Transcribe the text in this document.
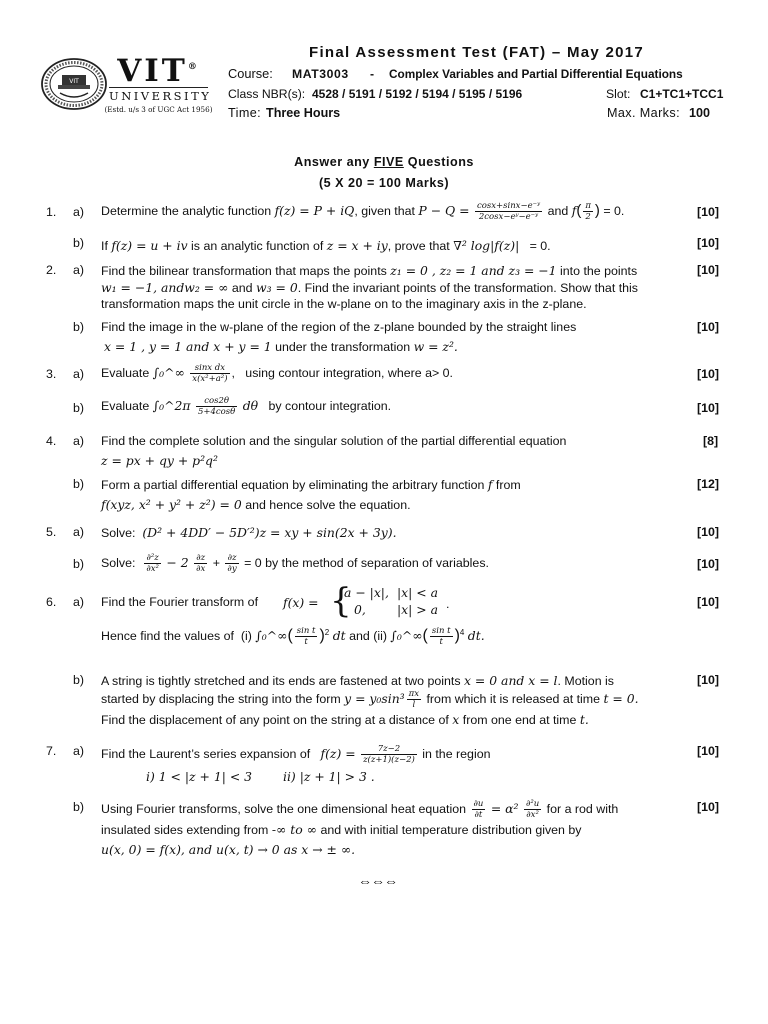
VIT	VIT®
UNIVERSITY
(Estd. u/s 3 of UGC Act 1956)
Final Assessment Test (FAT) – May 2017
Course: MAT3003 - Complex Variables and Partial Differential Equations
Class NBR(s): 4528 / 5191 / 5192 / 5194 / 5195 / 5196	Slot: C1+TC1+TCC1
Time: Three Hours	Max. Marks: 100
Answer any FIVE Questions
(5 X 20 = 100 Marks)
1. a) Determine the analytic function f(z) = P + iQ, given that $P - Q = \frac{\text{cosx+sinx−e⁻ʸ}}{\text{2cosx−eʸ−e⁻ʸ}}$ and $f( \frac{\pi}{2}$ ) = 0.	[10]
b) If f(z) = u + iv is an analytic function of z = x + iy, prove that ∇² log|f(z)| = 0.	[10]
2. a) Find the bilinear transformation that maps the points z₁ = 0 , z₂ = 1 and z₃ = −1 into the points
w₁ = −1, andw₂ = ∞ and w₃ = 0. Find the invariant points of the transformation. Show that this
transformation maps the unit circle in the w-plane on to the imaginary axis in the z-plane.
[10]
b) Find the image in the w-plane of the region of the z-plane bounded by the straight lines
x = 1 , y = 1 and x + y = 1 under the transformation w = z².
[10]
3. a) Evaluate ∫₀^∞ $\frac{\text{sinx dx}}{\text{x(x²+a²)}}$ , using contour integration, where a> 0.	[10]
b) Evaluate ∫₀^2π $\frac{\cos 2\theta}{5+4\cos\theta}$ dθ by contour integration.	[10]
4. a) Find the complete solution and the singular solution of the partial differential equation
z = px + qy + p²q²
[8]
b) Form a partial differential equation by eliminating the arbitrary function f from
f(xyz, x² + y² + z²) = 0 and hence solve the equation.
[12]
5. a) Solve: (D² + 4DD′ − 5D′²)z = xy + sin(2x + 3y).	[10]
b) Solve: $\frac{\text{∂²z}}{\text{∂x²}} - 2 \frac{\partial z}{\partial x} + \frac{\partial z}{\partial y} = 0$ by the method of separation of variables.	[10]
6. a) Find the Fourier transform of f(x) = {
a − |x|, |x| < a
0,	|x| > a .	[10]
Hence find the values of (i) ∫₀^∞( $\frac{\text{sin t}}{t} )^2$ dt and (ii) ∫₀^∞( $\frac{\text{sin t}}{t} )^4$ dt.
b) A string is tightly stretched and its ends are fastened at two points x = 0 and x = l. Motion is
started by displacing the string into the form $y = y_0\sin^3 \frac{\pi x}{l}$ from which it is released at time t = 0.
Find the displacement of any point on the string at a distance of x from one end at time t.
[10]
7. a) Find the Laurent’s series expansion of $f(z) = \frac{7z-2}{z(z+1)(z-2)}$ in the region
i) 1 < |z + 1| < 3 ii) |z + 1| > 3 .
[10]
b) Using Fourier transforms, solve the one dimensional heat equation $\frac{\partial u}{\partial t} = \alpha^2 \frac{\text{∂²u}}{\text{∂x²}}$ for a rod with
insulated sides extending from -∞ to ∞ and with initial temperature distribution given by
u(x, 0) = f(x), and u(x, t) → 0 as x → ± ∞.
[10]
⇔⇔⇔
